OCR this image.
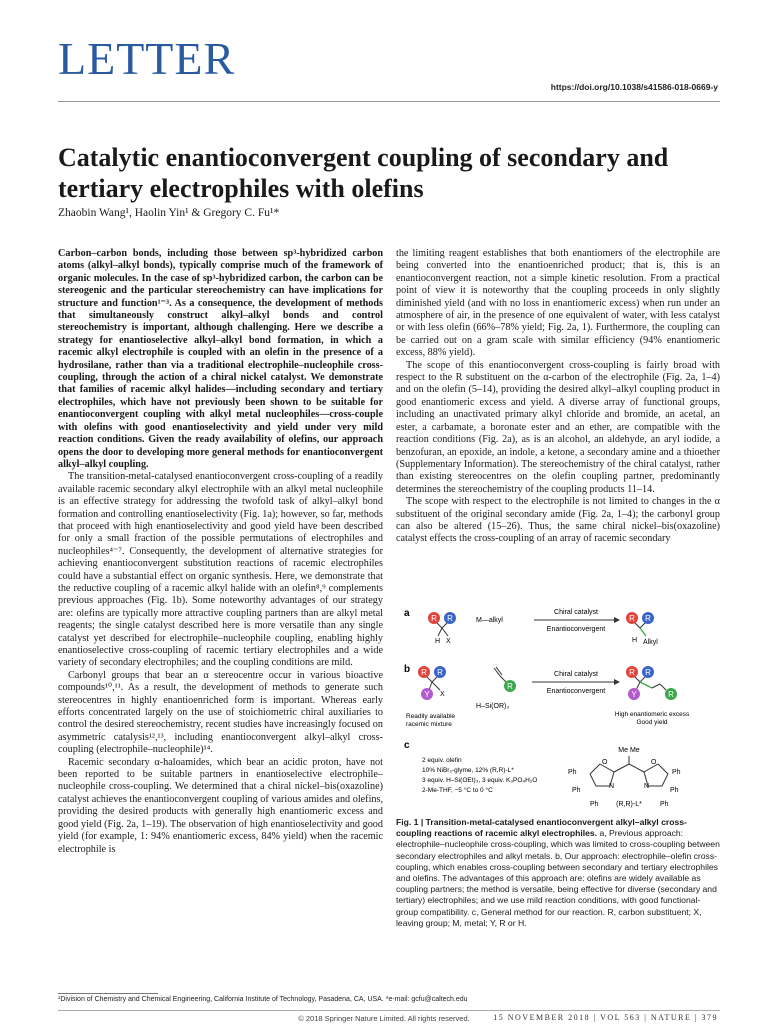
LETTER
https://doi.org/10.1038/s41586-018-0669-y
Catalytic enantioconvergent coupling of secondary and tertiary electrophiles with olefins
Zhaobin Wang¹, Haolin Yin¹ & Gregory C. Fu¹*

Carbon–carbon bonds, including those between sp³-hybridized carbon atoms (alkyl–alkyl bonds), typically comprise much of the framework of organic molecules. In the case of sp³-hybridized carbon, the carbon can be stereogenic and the particular stereochemistry can have implications for structure and function¹⁻³. As a consequence, the development of methods that simultaneously construct alkyl–alkyl bonds and control stereochemistry is important, although challenging. Here we describe a strategy for enantioselective alkyl–alkyl bond formation, in which a racemic alkyl electrophile is coupled with an olefin in the presence of a hydrosilane, rather than via a traditional electrophile–nucleophile cross-coupling, through the action of a chiral nickel catalyst. We demonstrate that families of racemic alkyl halides—including secondary and tertiary electrophiles, which have not previously been shown to be suitable for enantioconvergent coupling with alkyl metal nucleophiles—cross-couple with olefins with good enantioselectivity and yield under very mild reaction conditions. Given the ready availability of olefins, our approach opens the door to developing more general methods for enantioconvergent alkyl–alkyl coupling.

The transition-metal-catalysed enantioconvergent cross-coupling of a readily available racemic secondary alkyl electrophile with an alkyl metal nucleophile is an effective strategy for addressing the twofold task of alkyl–alkyl bond formation and controlling enantioselectivity (Fig. 1a); however, so far, methods that proceed with high enantioselectivity and good yield have been described for only a small fraction of the possible permutations of electrophiles and nucleophiles⁴⁻⁷. Consequently, the development of alternative strategies for achieving enantioconvergent substitution reactions of racemic electrophiles could have a substantial effect on organic synthesis. Here, we demonstrate that the reductive coupling of a racemic alkyl halide with an olefin⁸,⁹ complements previous approaches (Fig. 1b). Some noteworthy advantages of our strategy are: olefins are typically more attractive coupling partners than are alkyl metal reagents; the single catalyst described here is more versatile than any single catalyst yet described for electrophile–nucleophile coupling, enabling highly enantioselective cross-coupling of racemic tertiary electrophiles and a wide variety of secondary electrophiles; and the coupling conditions are mild.

Carbonyl groups that bear an α stereocentre occur in various bioactive compounds¹⁰,¹¹. As a result, the development of methods to generate such stereocentres in highly enantioenriched form is important. Whereas early efforts concentrated largely on the use of stoichiometric chiral auxiliaries to control the desired stereochemistry, recent studies have increasingly focused on asymmetric catalysis¹²,¹³, including enantioconvergent alkyl–alkyl cross-coupling (electrophile–nucleophile)¹⁴.

Racemic secondary α-haloamides, which bear an acidic proton, have not been reported to be suitable partners in enantioselective electrophile–nucleophile cross-coupling. We determined that a chiral nickel–bis(oxazoline) catalyst achieves the enantioconvergent coupling of various amides and olefins, providing the desired products with generally high enantiomeric excess and good yield (Fig. 2a, 1–19). The observation of high enantioselectivity and good yield (for example, 1: 94% enantiomeric excess, 84% yield) when the racemic electrophile is

the limiting reagent establishes that both enantiomers of the electrophile are being converted into the enantioenriched product; that is, this is an enantioconvergent reaction, not a simple kinetic resolution. From a practical point of view it is noteworthy that the coupling proceeds in only slightly diminished yield (and with no loss in enantiomeric excess) when run under an atmosphere of air, in the presence of one equivalent of water, with less catalyst or with less olefin (66%–78% yield; Fig. 2a, 1). Furthermore, the coupling can be carried out on a gram scale with similar efficiency (94% enantiomeric excess, 88% yield).

The scope of this enantioconvergent cross-coupling is fairly broad with respect to the R substituent on the α-carbon of the electrophile (Fig. 2a, 1–4) and on the olefin (5–14), providing the desired alkyl–alkyl coupling product in good enantiomeric excess and yield. A diverse array of functional groups, including an unactivated primary alkyl chloride and bromide, an acetal, an ester, a carbamate, a boronate ester and an ether, are compatible with the reaction conditions (Fig. 2a), as is an alcohol, an aldehyde, an aryl iodide, a benzofuran, an epoxide, an indole, a ketone, a secondary amine and a thioether (Supplementary Information). The stereochemistry of the chiral catalyst, rather than existing stereocentres on the olefin coupling partner, predominantly determines the stereochemistry of the coupling products 11–14.

The scope with respect to the electrophile is not limited to changes in the α substituent of the original secondary amide (Fig. 2a, 1–4); the carbonyl group can also be altered (15–26). Thus, the same chiral nickel–bis(oxazoline) catalyst effects the cross-coupling of an array of racemic secondary

a	R R
H X
M—alkyl
Chiral catalyst
Enantioconvergent
R R
H Alkyl
b R R
Y X
R
H–Si(OR)₃
Chiral catalyst
Enantioconvergent
R R
Y	R
Readily available
racemic mixture
High enantiomeric excess
Good yield
c
2 equiv. olefin
10% NiBr₂-glyme, 12% (R,R)-L*
3 equiv. H–Si(OEt)₃, 3 equiv. K₃PO₄H₂O
2-Me-THF, −5 °C to 0 °C
Me Me
O	O
N	N
Ph	Ph
Ph	Ph
Ph	Ph
(R,R)-L*
Fig. 1 | Transition-metal-catalysed enantioconvergent alkyl–alkyl cross-coupling reactions of racemic alkyl electrophiles. a, Previous approach: electrophile–nucleophile cross-coupling, which was limited to cross-coupling between secondary electrophiles and alkyl metals. b, Our approach: electrophile–olefin cross-coupling, which enables cross-coupling between secondary and tertiary electrophiles and olefins. The advantages of this approach are: olefins are widely available as coupling partners; the method is versatile, being effective for diverse (secondary and tertiary) electrophiles; and we use mild reaction conditions, with good functional-group compatibility. c, General method for our reaction. R, carbon substituent; X, leaving group; M, metal; Y, R or H.
¹Division of Chemistry and Chemical Engineering, California Institute of Technology, Pasadena, CA, USA. *e-mail: gcfu@caltech.edu
15 NOVEMBER 2018 | VOL 563 | NATURE | 379
© 2018 Springer Nature Limited. All rights reserved.
